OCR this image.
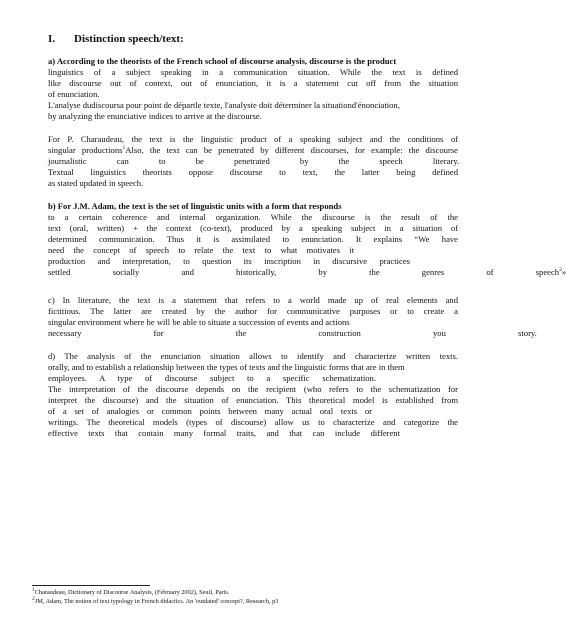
I. Distinction speech/text:
a) According to the theorists of the French school of discourse analysis, discourse is the product
linguistics of a subject speaking in a communication situation. While the text is defined
like discourse out of context, out of enunciation, it is a statement cut off from the situation
of enunciation.
L'analyse dudiscoursa pour point de départle texte, l'analyste doit déterminer la situationd'énonciation,
by analyzing the enunciative indices to arrive at the discourse.
For P. Charaudeau, the text is the linguistic product of a speaking subject and the conditions of
singular productions$^1$Also, the text can be penetrated by different discourses, for example: the discourse
journalistic can to be penetrated by the speech literary.
Textual linguistics theorists oppose discourse to text, the latter being defined
as stated updated in speech.
b) For J.M. Adam, the text is the set of linguistic units with a form that responds
to a certain coherence and internal organization. While the discourse is the result of the
text (oral, written) + the context (co-text), produced by a speaking subject in a situation of
determined communication. Thus it is assimilated to enunciation. It explains “We have
need the concept of speech to relate the text to what motivates it
production and interpretation, to question its inscription in discursive practices
settled socially and historically, by the genres of speech$^2$»
c) In literature, the text is a statement that refers to a world made up of real elements and
fictitious. The latter are created by the author for communicative purposes or to create a
singular environment where he will be able to situate a succession of events and actions
necessary for the construction you story.
d) The analysis of the enunciation situation allows to identify and characterize written texts.
orally, and to establish a relationship between the types of texts and the linguistic forms that are in them
employees. A type of discourse subject to a specific schematization.
The interpretation of the discourse depends on the recipient (who refers to the schematization for
interpret the discourse) and the situation of enunciation. This theoretical model is established from
of a set of analogies or common points between many actual oral texts or
writings. The theoretical models (types of discourse) allow us to characterize and categorize the
effective texts that contain many formal traits, and that can include different
$^1$Charaudeau, Dictionary of Discourse Analysis, (February 2002), Seuil, Paris.
$^2$JM, Adam, The notion of text typology in French didactics. An 'outdated' concept?, Research, p3
